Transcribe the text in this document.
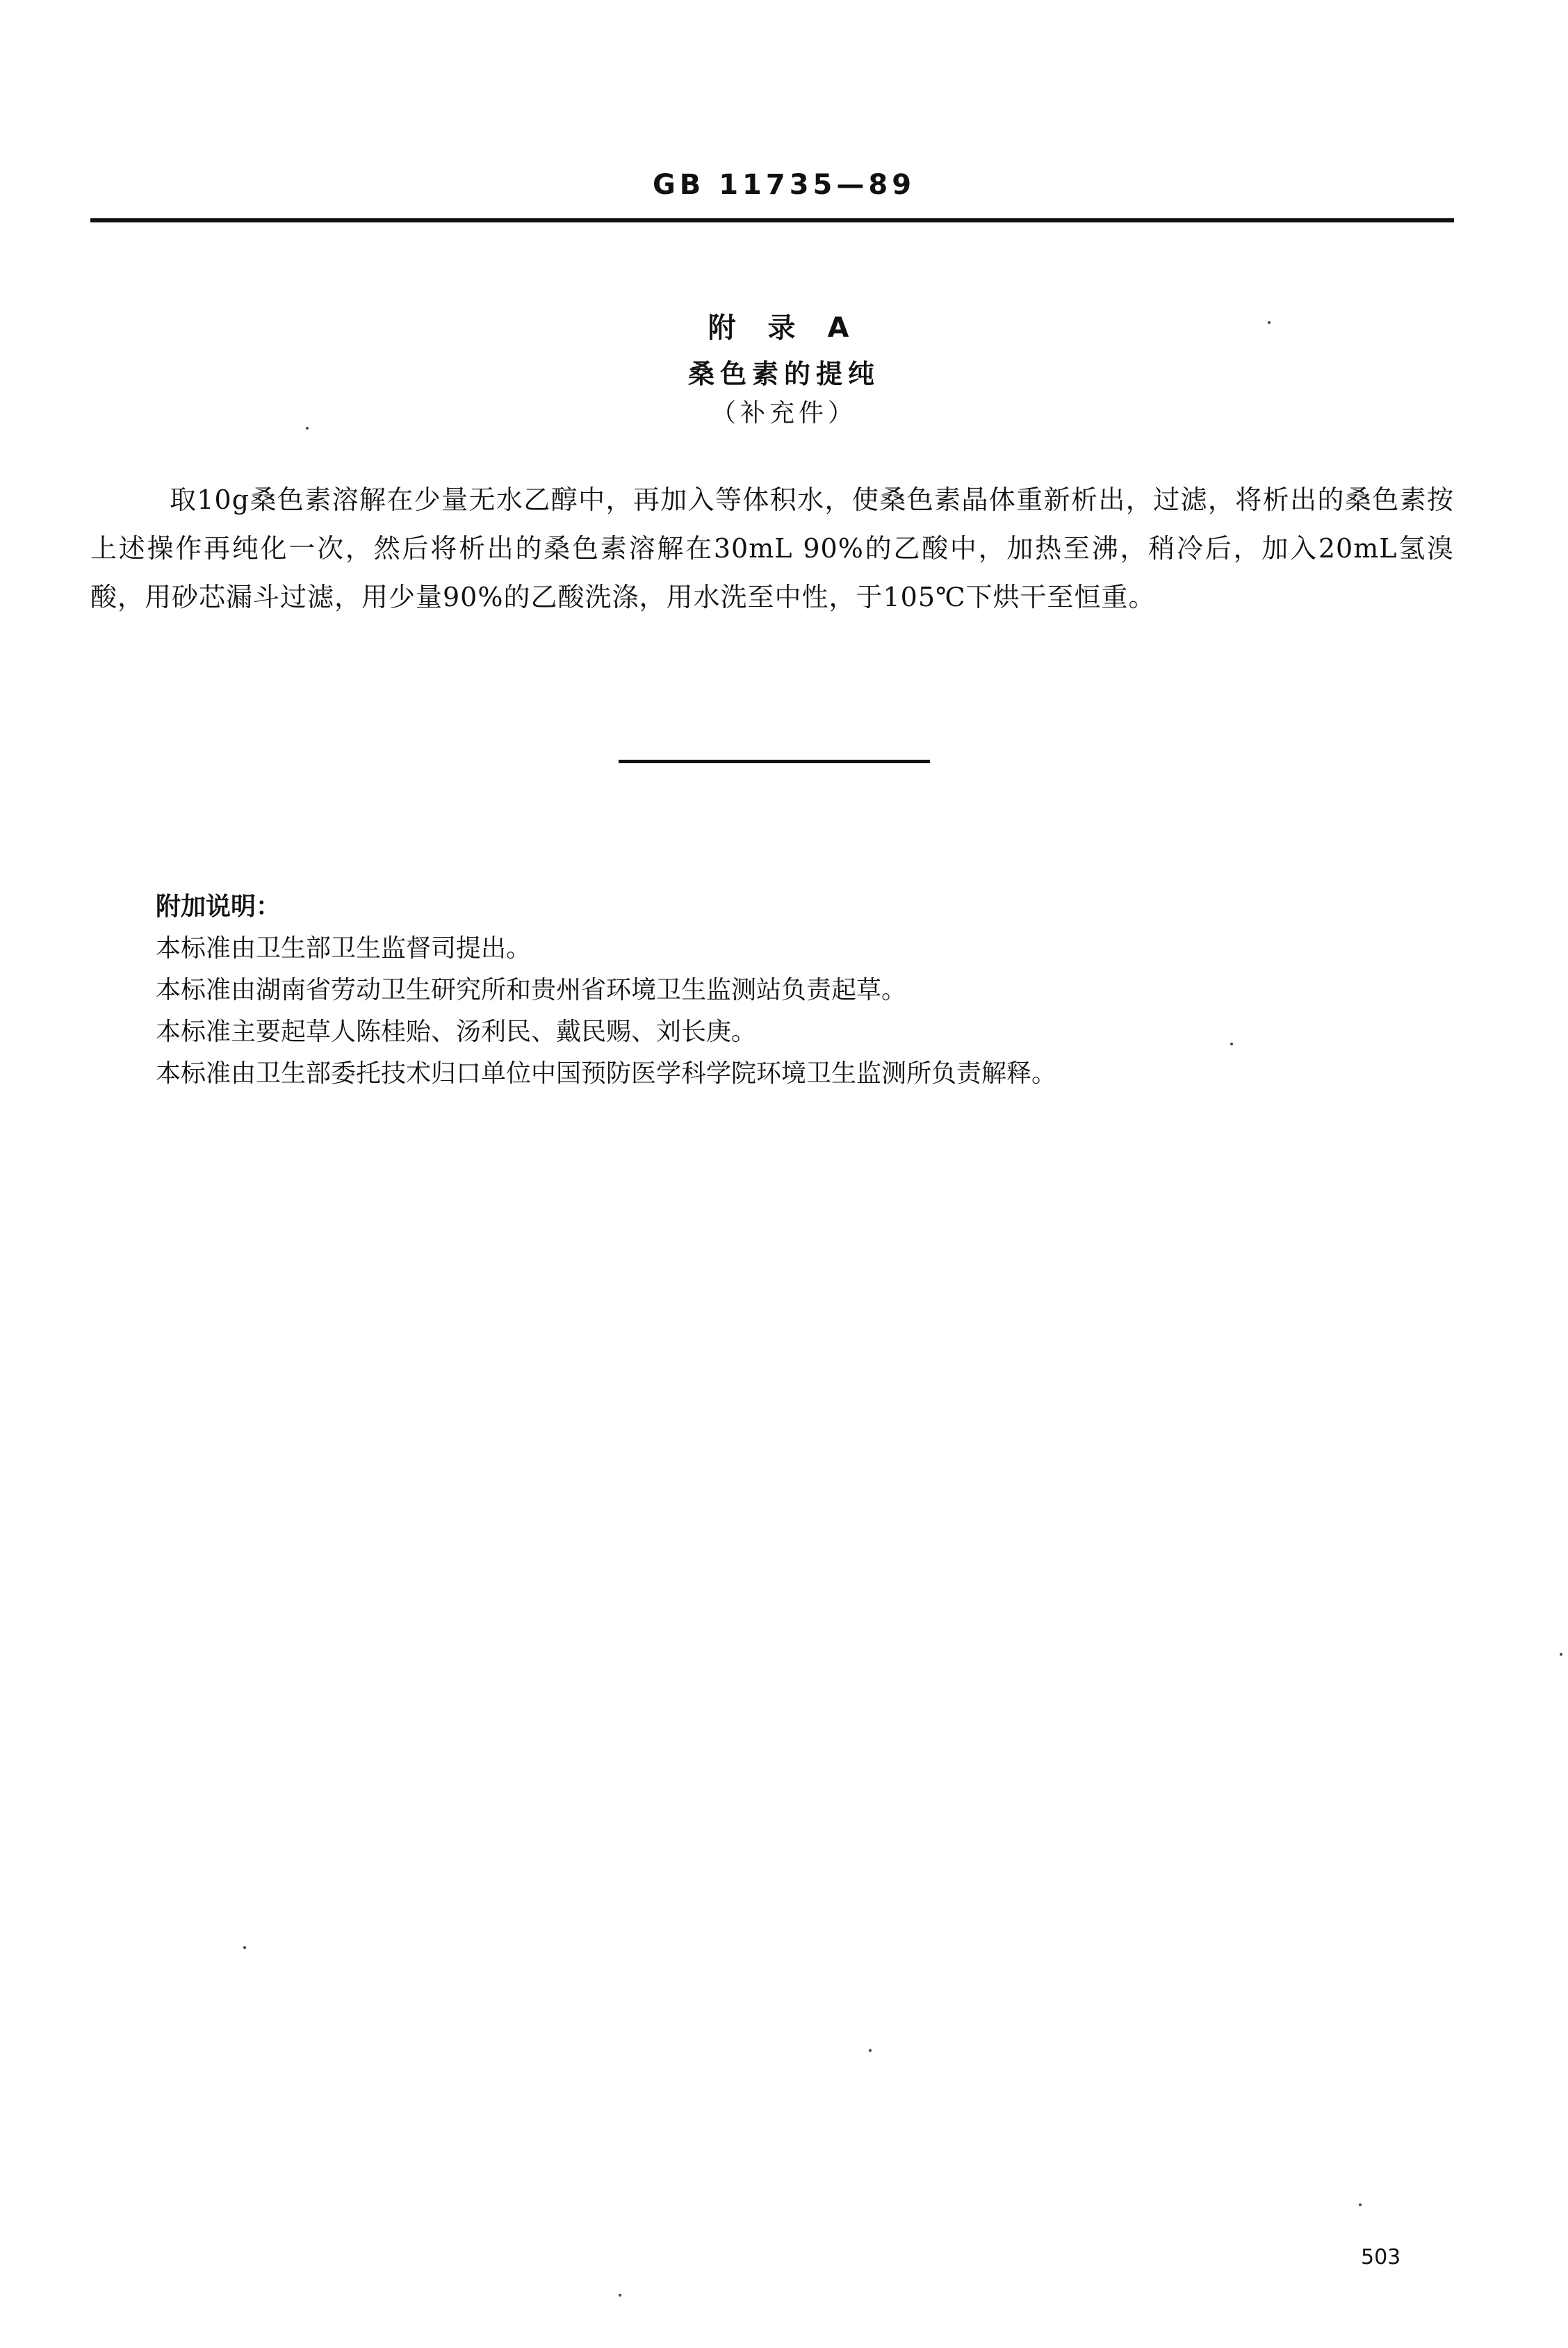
GB 11735—89
附 录 A
桑色素的提纯
（补充件）

取10g桑色素溶解在少量无水乙醇中，再加入等体积水，使桑色素晶体重新析出，过滤，将析出的桑色素按上述操作再纯化一次，然后将析出的桑色素溶解在30mL 90%的乙酸中，加热至沸，稍冷后，加入20mL氢溴酸，用砂芯漏斗过滤，用少量90%的乙酸洗涤，用水洗至中性，于105℃下烘干至恒重。

附加说明：
本标准由卫生部卫生监督司提出。
本标准由湖南省劳动卫生研究所和贵州省环境卫生监测站负责起草。
本标准主要起草人陈桂贻、汤利民、戴民赐、刘长庚。
本标准由卫生部委托技术归口单位中国预防医学科学院环境卫生监测所负责解释。
503
